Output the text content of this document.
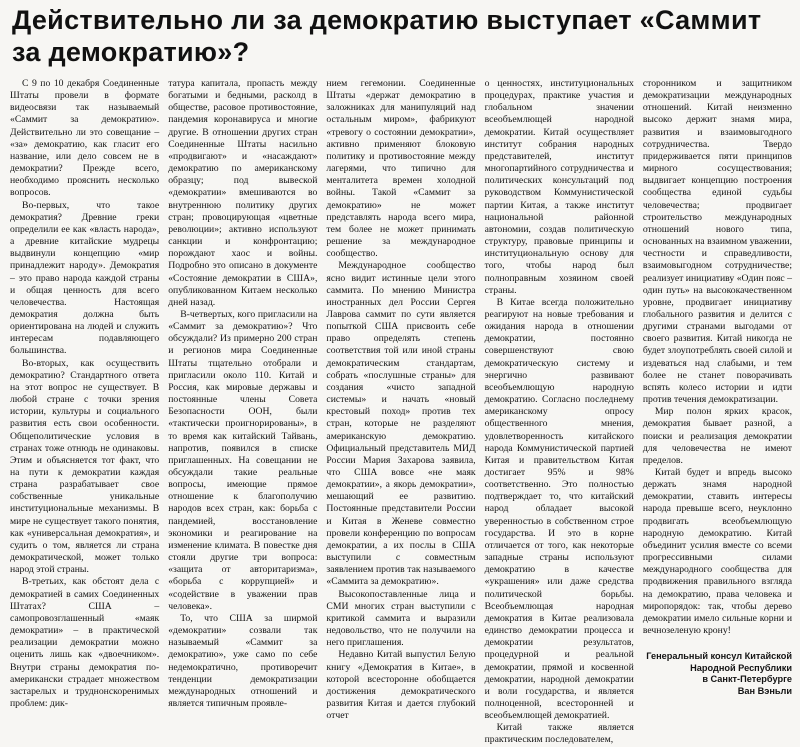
Действительно ли за демократию выступает «Саммит за демократию»?

С 9 по 10 декабря Соединенные Штаты провели в формате видеосвязи так называемый «Саммит за демократию». Действительно ли это совещание – «за» демократию, как гласит его название, или дело совсем не в демократии? Прежде всего, необходимо прояснить несколько вопросов.

Во-первых, что такое демократия? Древние греки определили ее как «власть народа», а древние китайские мудрецы выдвинули концепцию «мир принадлежит народу». Демократия – это право народа каждой страны и общая ценность для всего человечества. Настоящая демократия должна быть ориентирована на людей и служить интересам подавляющего большинства.

Во-вторых, как осуществить демократию? Стандартного ответа на этот вопрос не существует. В любой стране с точки зрения истории, культуры и социального развития есть свои особенности. Общеполитические условия в странах тоже отнюдь не одинаковы. Этим и объясняется тот факт, что на пути к демократии каждая страна разрабатывает свое собственные уникальные институциональные механизмы. В мире не существует такого понятия, как «универсальная демократия», и судить о том, является ли страна демократической, может только народ этой страны.

В-третьих, как обстоят дела с демократией в самих Соединенных Штатах? США – самопровозглашенный «маяк демократии» – в практической реализации демократии можно оценить лишь как «двоечником». Внутри страны демократия по-американски страдает множеством застарелых и труднонскоренимых проблем: дик-

татура капитала, пропасть между богатыми и бедными, расколд в обществе, расовое противостояние, пандемия коронавируса и многие другие. В отношении других стран Соединенные Штаты насильно «продвигают» и «насаждают» демократию по американскому образцу; под вывеской «демократии» вмешиваются во внутреннюю политику других стран; провоцирующая «цветные революции»; активно используют санкции и конфронтацию; порождают хаос и войны. Подробно это описано в документе «Состояние демократии в США», опубликованном Китаем несколько дней назад.

В-четвертых, кого пригласили на «Саммит за демократию»? Что обсуждали? Из примерно 200 стран и регионов мира Соединенные Штаты тщательно отобрали и пригласили около 110. Китай и Россия, как мировые державы и постоянные члены Совета Безопасности ООН, были «тактически проигнорированы», в то время как китайский Тайвань, напротив, появился в списке приглашенных. На совещании не обсуждали такие реальные вопросы, имеющие прямое отношение к благополучию народов всех стран, как: борьба с пандемией, восстановление экономики и реагирование на изменение климата. В повестке дня стояли другие три вопроса: «защита от авторитаризма», «борьба с коррупцией» и «содействие в уважении прав человека».

То, что США за ширмой «демократии» созвали так называемый «Саммит за демократию», уже само по себе недемократично, противоречит тенденции демократизации международных отношений и является типичным проявле-

нием гегемонии. Соединенные Штаты «держат демократию в заложниках для манипуляций над остальным миром», фабрикуют «тревогу о состоянии демократии», активно применяют блоковую политику и противостояние между лагерями, что типично для менталитета времен холодной войны. Такой «Саммит за демократию» не может представлять народа всего мира, тем более не может принимать решение за международное сообщество.

Международное сообщество ясно видит истинные цели этого саммита. По мнению Министра иностранных дел России Сергея Лаврова саммит по сути является попыткой США присвоить себе право определять степень соответствия той или иной страны демократическим стандартам, собрать «послушные страны» для создания «чисто западной системы» и начать «новый крестовый поход» против тех стран, которые не разделяют американскую демократию. Официальный представитель МИД России Мария Захарова заявила, что США вовсе «не маяк демократии», а якорь демократии», мешающий ее развитию. Постоянные представители России и Китая в Женеве совместно провели конференцию по вопросам демократии, а их послы в США выступили с совместным заявлением против так называемого «Саммита за демократию».

Высокопоставленные лица и СМИ многих стран выступили с критикой саммита и выразили недовольство, что не получили на него приглашения.

Недавно Китай выпустил Белую книгу «Демократия в Китае», в которой всесторонне обобщается достижения демократического развития Китая и дается глубокий отчет

о ценностях, институциональных процедурах, практике участия и глобальном значении всеобъемлющей народной демократии. Китай осуществляет институт собрания народных представителей, институт многопартийного сотрудничества и политических консультаций под руководством Коммунистической партии Китая, а также институт национальной районной автономии, создав политическую структуру, правовые принципы и институциональную основу для того, чтобы народ был полноправным хозяином своей страны.

В Китае всегда положительно реагируют на новые требования и ожидания народа в отношении демократии, постоянно совершенствуют свою демократическую систему и энергично развивают всеобъемлющую народную демократию. Согласно последнему американскому опросу общественного мнения, удовлетворенность китайского народа Коммунистической партией Китая и правительством Китая достигает 95% и 98% соответственно. Это полностью подтверждает то, что китайский народ обладает высокой уверенностью в собственном строе государства. И это в корне отличается от того, как некоторые западные страны используют демократию в качестве «украшения» или даже средства политической борьбы. Всеобъемлющая народная демократия в Китае реализовала единство демократии процесса и демократии результатов, процедурной и реальной демократии, прямой и косвенной демократии, народной демократии и воли государства, и является полноценной, всесторонней и всеобъемлющей демократией.

Китай также является практическим последователем,

сторонником и защитником демократизации международных отношений. Китай неизменно высоко держит знамя мира, развития и взаимовыгодного сотрудничества. Твердо придерживается пяти принципов мирного сосуществования; выдвигает концепцию построения сообщества единой судьбы человечества; продвигает строительство международных отношений нового типа, основанных на взаимном уважении, честности и справедливости, взаимовыгодном сотрудничестве; реализует инициативу «Один пояс – один путь» на высококачественном уровне, продвигает инициативу глобального развития и делится с другими странами выгодами от своего развития. Китай никогда не будет злоупотреблять своей силой и издеваться над слабыми, и тем более не станет поворачивать вспять колесо истории и идти против течения демократизации.

Мир полон ярких красок, демократия бывает разной, а поиски и реализация демократии для человечества не имеют пределов.

Китай будет и впредь высоко держать знамя народной демократии, ставить интересы народа превыше всего, неуклонно продвигать всеобъемлющую народную демократию. Китай объединит усилия вместе со всеми прогрессивными силами международного сообщества для продвижения правильного взгляда на демократию, права человека и миропорядок: так, чтобы дерево демократии имело сильные корни и вечнозеленую крону!

Генеральный консул Китайской Народной Республики
в Санкт-Петербурге
Ван Вэньли
